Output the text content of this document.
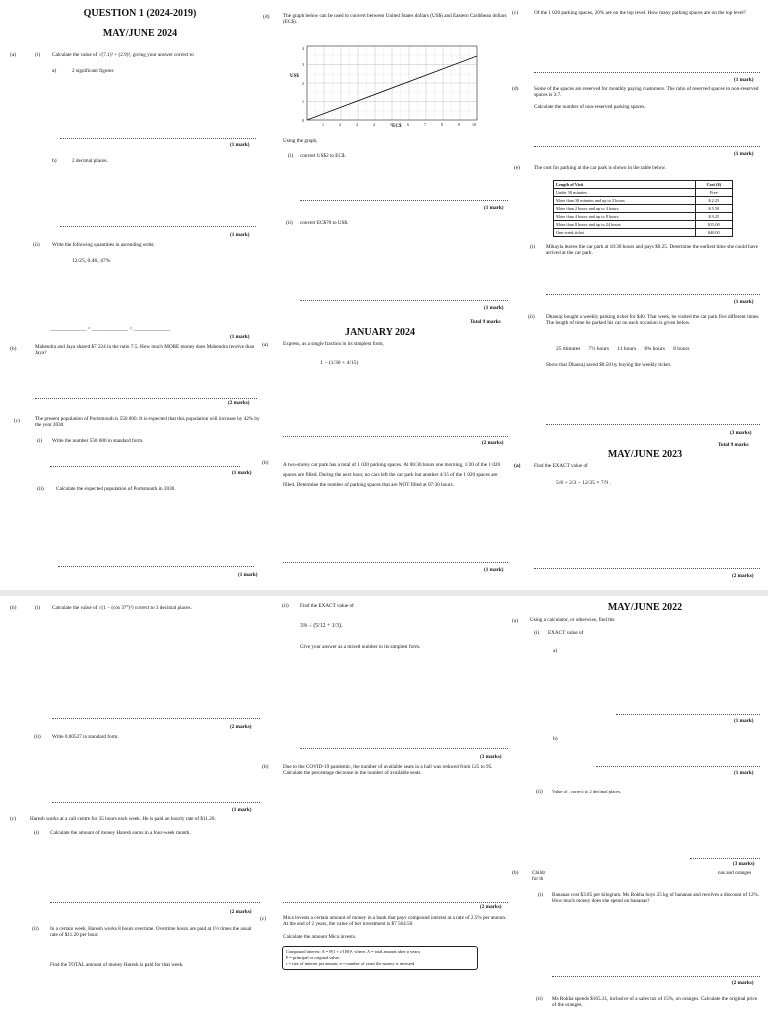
QUESTION 1 (2024-2019)
MAY/JUNE 2024
(a)	(i) Calculate the value of √(7.1)² + (2.9)², giving your answer correct to
a)	2 significant figures
(1 mark)
b)	2 decimal places.
(1 mark)
(ii) Write the following quantities in ascending order.
12/25, 0.46, 47%
______________ < ______________ < ______________
(1 mark)
(b)	Mahendra and Jaya shared $7 224 in the ratio 7:5. How much MORE money does Mahendra receive than Jaya?
(2 marks)
(c)	The present population of Portsmouth is 550 000. It is expected that this population will increase by 42% by the year 2030.
(i) Write the number 550 000 in standard form.
(1 mark)
(ii) Calculate the expected population of Portsmouth in 2030.
(1 mark)
(d)	The graph below can be used to convert between United States dollars (US$) and Eastern Caribbean dollars (EC$).
4
3
2
1
0
1	2	3	4	5	6	7	8	9	10
US$
EC$
Using the graph,
(i) convert US$2 to EC$.
(1 mark)
(ii) convert EC$70 to US$.
(1 mark)
Total 9 marks
JANUARY 2024
(a)	Express, as a single fraction in its simplest form,
1 − (1/30 + 4/15)
(2 marks)
(b)	A two-storey car park has a total of 1 020 parking spaces. At 06:30 hours one morning, 1/20 of the 1 020 spaces are filled. During the next hour, no cars left the car park but another 4/15 of the 1 020 spaces are filled. Determine the number of parking spaces that are NOT filled at 07:30 hours.
(1 mark)
(c)	Of the 1 020 parking spaces, 20% are on the top level. How many parking spaces are on the top level?
(1 mark)
(d)	Some of the spaces are reserved for monthly paying customers. The ratio of reserved spaces to non-reserved spaces is 3:7.
Calculate the number of non-reserved parking spaces.
(1 mark)
(e)	The cost for parking at the car park is shown in the table below.
Length of Visit	Cost ($)
Under 30 minutes	Free
More than 30 minutes and up to 2 hours	$ 2.25
More than 2 hours and up to 4 hours	$ 5.50
More than 4 hours and up to 8 hours	$ 9.25
More than 8 hours and up to 24 hours	$15.00
One-week ticket	$40.00
(i) Mikayla leaves the car park at 18:30 hours and pays $9.25. Determine the earliest time she could have arrived at the car park.
(1 mark)
(ii) Dhanraj bought a weekly parking ticket for $40. That week, he visited the car park five different times. The length of time he parked his car on each occasion is given below.
25 minutes      7½ hours      11 hours      8¾ hours      8 hours
Show that Dhanraj saved $8.50 by buying the weekly ticket.
(3 marks)
Total 9 marks
MAY/JUNE 2023
(a)	Find the EXACT value of
5/6 + 2/3 − 12/35 × 7/9 .
(2 marks)
(b)	(i) Calculate the value of √(1 − (cos 37°)²) correct to 3 decimal places.
(2 marks)
(ii) Write 0.00527 in standard form.
(1 mark)
(c)	Haresh works at a call centre for 35 hours each week. He is paid an hourly rate of $11.20.
(i) Calculate the amount of money Haresh earns in a four-week month.
(2 marks)
(ii) In a certain week, Haresh works 8 hours overtime. Overtime hours are paid at 1½ times the usual rate of $11.20 per hour.
Find the TOTAL amount of money Haresh is paid for that week.
(ii) Find the EXACT value of
3⅜ ÷ (5/12 + 1/3).
Give your answer as a mixed number in its simplest form.
(3 marks)
(b)	Due to the COVID-19 pandemic, the number of available seats in a hall was reduced from 125 to 95. Calculate the percentage decrease in the number of available seats.
(2 marks)
(c)	Mica invests a certain amount of money in a bank that pays compound interest at a rate of 2.5% per annum. At the end of 2 years, the value of her investment is $7 564.50.
Calculate the amount Mica invests.
Compound interest: A = P(1 + r/100)ⁿ, where, A = total amount after n years;
P = principal or original value;
r = rate of interest per annum; n = number of years the money is invested
MAY/JUNE 2022
(a) Using a calculator, or otherwise, find the
(i) EXACT value of
a)
(1 mark)
b)
(1 mark)
(ii) Value of , correct to 2 decimal places.
(3 marks)
(b)	Childr	nas and oranges
for th
(i) Bananas cost $3.85 per kilogram. Ms Rokha buys 25 kg of bananas and receives a discount of 12%. How much money does she spend on bananas?
(2 marks)
(ii) Ms Rokha spends $165.31, inclusive of a sales tax of 15%, on oranges. Calculate the original price of the oranges.
